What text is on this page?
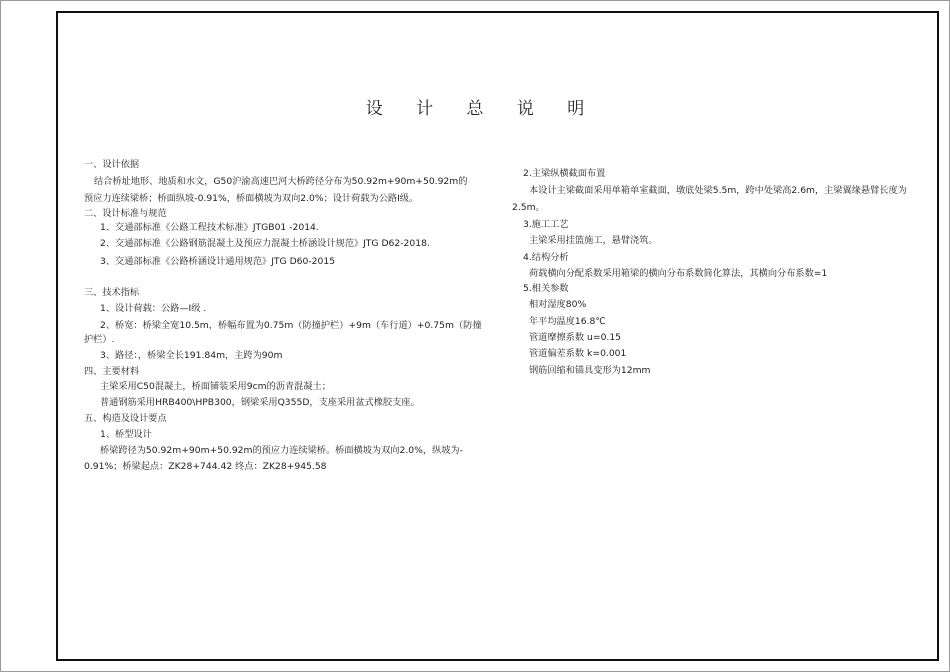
设 计 总 说 明
一、设计依据
结合桥址地形、地质和水文，G50沪渝高速巴河大桥跨径分布为50.92m+90m+50.92m的
预应力连续梁桥；桥面纵坡-0.91%，桥面横坡为双向2.0%；设计荷载为公路Ⅰ级。
二、设计标准与规范
1、交通部标准《公路工程技术标准》JTGB01 -2014.
2、交通部标准《公路钢筋混凝土及预应力混凝土桥涵设计规范》JTG D62-2018.
3、交通部标准《公路桥涵设计通用规范》JTG D60-2015
三、技术指标
1、设计荷载：公路—Ⅰ级 .
2、桥宽：桥梁全宽10.5m，桥幅布置为0.75m（防撞护栏）+9m（车行道）+0.75m（防撞
护栏）.
3、路径：，桥梁全长191.84m，主跨为90m
四、主要材料
主梁采用C50混凝土，桥面铺装采用9cm的沥青混凝土；
普通钢筋采用HRB400\HPB300，钢梁采用Q355D，支座采用盆式橡胶支座。
五、构造及设计要点
1、桥型设计
桥梁跨径为50.92m+90m+50.92m的预应力连续梁桥。桥面横坡为双向2.0%，纵坡为-
0.91%；桥梁起点：ZK28+744.42 终点：ZK28+945.58
2.主梁纵横截面布置
本设计主梁截面采用单箱单室截面，墩底处梁5.5m，跨中处梁高2.6m，主梁翼缘悬臂长度为
2.5m。
3.施工工艺
主梁采用挂篮施工，悬臂浇筑。
4.结构分析
荷载横向分配系数采用箱梁的横向分布系数简化算法，其横向分布系数=1
5.相关参数
相对湿度80%
年平均温度16.8℃
管道摩擦系数 u=0.15
管道偏差系数 k=0.001
钢筋回缩和锚具变形为12mm
